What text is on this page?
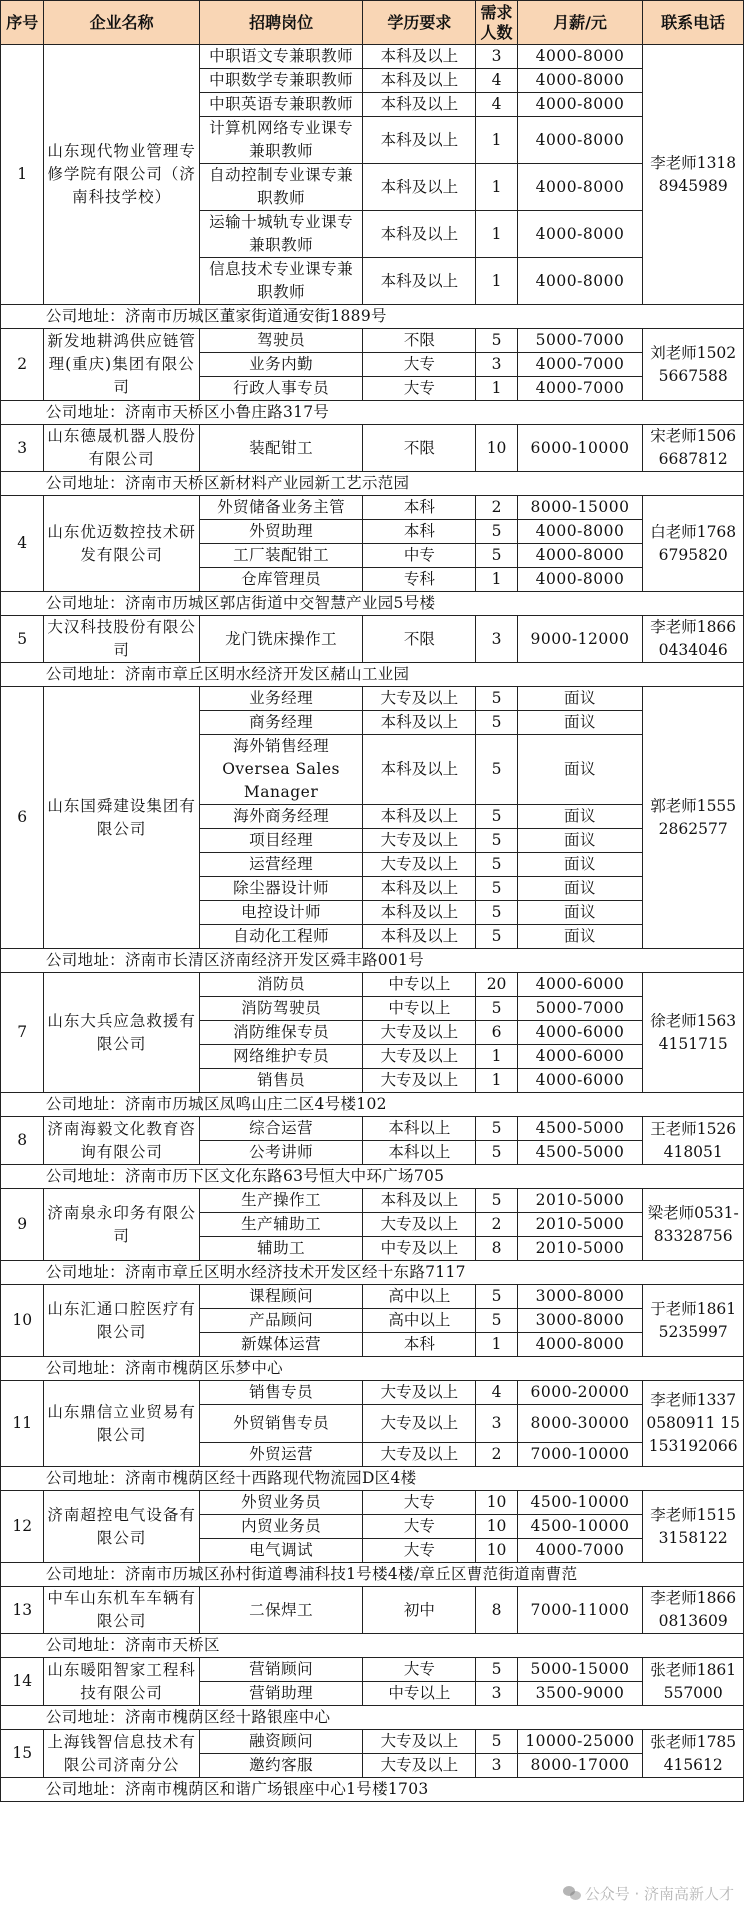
序号	企业名称	招聘岗位	学历要求	需求人数	月薪/元	联系电话
1	山东现代物业管理专修学院有限公司（济南科技学校）	中职语文专兼职教师	本科及以上	3	4000-8000	李老师13188945989
		中职数学专兼职教师	本科及以上	4	4000-8000	
		中职英语专兼职教师	本科及以上	4	4000-8000	
		计算机网络专业课专兼职教师	本科及以上	1	4000-8000	
		自动控制专业课专兼职教师	本科及以上	1	4000-8000	
		运输十城轨专业课专兼职教师	本科及以上	1	4000-8000	
		信息技术专业课专兼职教师	本科及以上	1	4000-8000	
	公司地址：济南市历城区董家街道通安街1889号					
2	新发地耕鸿供应链管理(重庆)集团有限公司	驾驶员	不限	5	5000-7000	刘老师15025667588
		业务内勤	大专	3	4000-7000	
		行政人事专员	大专	1	4000-7000	
	公司地址：济南市天桥区小鲁庄路317号					
3	山东德晟机器人股份有限公司	装配钳工	不限	10	6000-10000	宋老师15066687812
	公司地址：济南市天桥区新材料产业园新工艺示范园					
4	山东优迈数控技术研发有限公司	外贸储备业务主管	本科	2	8000-15000	白老师17686795820
		外贸助理	本科	5	4000-8000	
		工厂装配钳工	中专	5	4000-8000	
		仓库管理员	专科	1	4000-8000	
	公司地址：济南市历城区郭店街道中交智慧产业园5号楼					
5	大汉科技股份有限公司	龙门铣床操作工	不限	3	9000-12000	李老师18660434046
	公司地址：济南市章丘区明水经济开发区赭山工业园					
6	山东国舜建设集团有限公司	业务经理	大专及以上	5	面议	郭老师15552862577
		商务经理	本科及以上	5	面议	
		海外销售经理 Oversea Sales Manager	本科及以上	5	面议	
		海外商务经理	本科及以上	5	面议	
		项目经理	大专及以上	5	面议	
		运营经理	大专及以上	5	面议	
		除尘器设计师	本科及以上	5	面议	
		电控设计师	本科及以上	5	面议	
		自动化工程师	本科及以上	5	面议	
	公司地址：济南市长清区济南经济开发区舜丰路001号					
7	山东大兵应急救援有限公司	消防员	中专以上	20	4000-6000	徐老师15634151715
		消防驾驶员	中专以上	5	5000-7000	
		消防维保专员	大专及以上	6	4000-6000	
		网络维护专员	大专及以上	1	4000-6000	
		销售员	大专及以上	1	4000-6000	
	公司地址：济南市历城区凤鸣山庄二区4号楼102					
8	济南海毅文化教育咨询有限公司	综合运营	本科以上	5	4500-5000	王老师15264180​51
		公考讲师	本科以上	5	4500-5000	
	公司地址：济南市历下区文化东路63号恒大中环广场705					
9	济南泉永印务有限公司	生产操作工	本科及以上	5	2010-5000	梁老师0531-83328756
		生产辅助工	大专及以上	2	2010-5000	
		辅助工	中专及以上	8	2010-5000	
	公司地址：济南市章丘区明水经济技术开发区经十东路7117					
10	山东汇通口腔医疗有限公司	课程顾问	高中以上	5	3000-8000	于老师18615235997
		产品顾问	高中以上	5	3000-8000	
		新媒体运营	本科	1	4000-8000	
	公司地址：济南市槐荫区乐梦中心					
11	山东鼎信立业贸易有限公司	销售专员	大专及以上	4	6000-20000	李老师13370580911 15153192066
		外贸销售专员	大专及以上	3	8000-30000	
		外贸运营	大专及以上	2	7000-10000	
	公司地址：济南市槐荫区经十西路现代物流园D区4楼					
12	济南超控电气设备有限公司	外贸业务员	大专	10	4500-10000	李老师15153158122
		内贸业务员	大专	10	4500-10000	
		电气调试	大专	10	4000-7000	
	公司地址：济南市历城区孙村街道粤浦科技1号楼4楼/章丘区曹范街道南曹范					
13	中车山东机车车辆有限公司	二保焊工	初中	8	7000-11000	李老师18660813609
	公司地址：济南市天桥区					
14	山东暖阳智家工程科技有限公司	营销顾问	大专	5	5000-15000	张老师18615570​00
		营销助理	中专以上	3	3500-9000	
	公司地址：济南市槐荫区经十路银座中心					
15	上海钱智信息技术有限公司济南分公	融资顾问	大专及以上	5	10000-25000	张老师17854156​12
		邀约客服	大专及以上	3	8000-17000	
	公司地址：济南市槐荫区和谐广场银座中心1号楼1703					
公众号 · 济南高新人才
